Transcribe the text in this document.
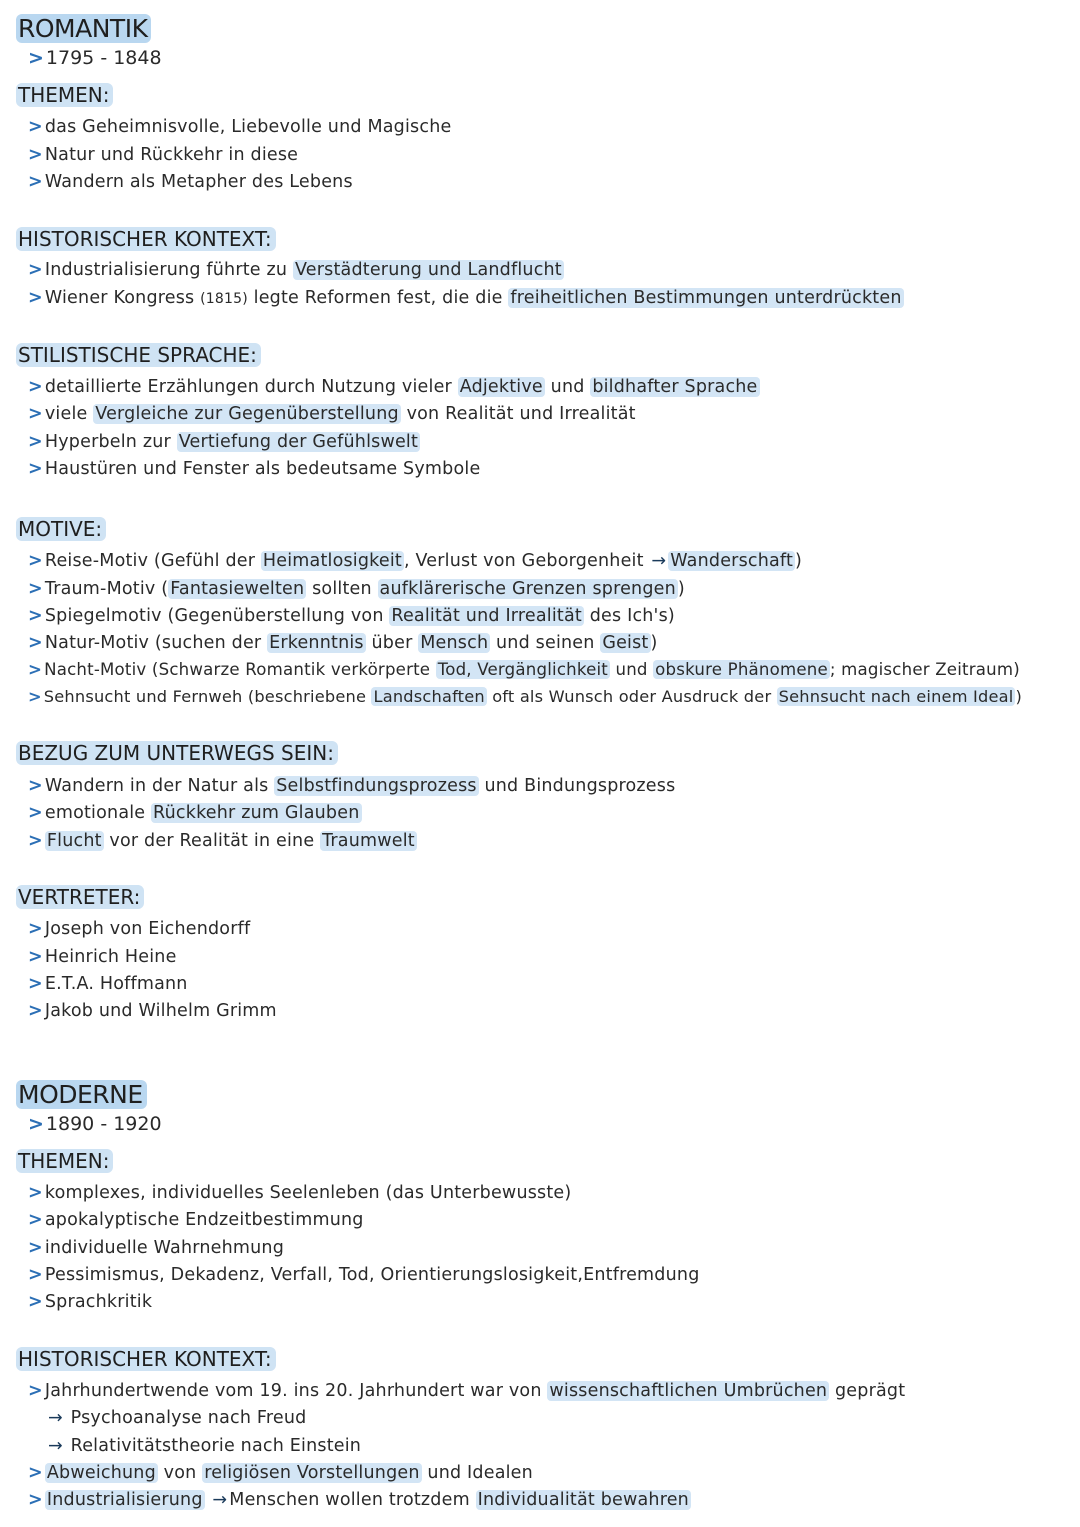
ROMANTIK
> 1795 - 1848
THEMEN:
> das Geheimnisvolle, Liebevolle und Magische
> Natur und Rückkehr in diese
> Wandern als Metapher des Lebens
HISTORISCHER KONTEXT:
> Industrialisierung führte zu Verstädterung und Landflucht
> Wiener Kongress (1815) legte Reformen fest, die die freiheitlichen Bestimmungen unterdrückten
STILISTISCHE SPRACHE:
> detaillierte Erzählungen durch Nutzung vieler Adjektive und bildhafter Sprache
> viele Vergleiche zur Gegenüberstellung von Realität und Irrealität
> Hyperbeln zur Vertiefung der Gefühlswelt
> Haustüren und Fenster als bedeutsame Symbole
MOTIVE:
> Reise-Motiv (Gefühl der Heimatlosigkeit , Verlust von Geborgenheit → Wanderschaft )
> Traum-Motiv ( Fantasiewelten sollten aufklärerische Grenzen sprengen )
> Spiegelmotiv (Gegenüberstellung von Realität und Irrealität des Ich's)
> Natur-Motiv (suchen der Erkenntnis über Mensch und seinen Geist )
> Nacht-Motiv (Schwarze Romantik verkörperte Tod, Vergänglichkeit und obskure Phänomene ; magischer Zeitraum)
> Sehnsucht und Fernweh (beschriebene Landschaften oft als Wunsch oder Ausdruck der Sehnsucht nach einem Ideal )
BEZUG ZUM UNTERWEGS SEIN:
> Wandern in der Natur als Selbstfindungsprozess und Bindungsprozess
> emotionale Rückkehr zum Glauben
> Flucht vor der Realität in eine Traumwelt
VERTRETER:
> Joseph von Eichendorff
> Heinrich Heine
> E.T.A. Hoffmann
> Jakob und Wilhelm Grimm
MODERNE
> 1890 - 1920
THEMEN:
> komplexes, individuelles Seelenleben (das Unterbewusste)
> apokalyptische Endzeitbestimmung
> individuelle Wahrnehmung
> Pessimismus, Dekadenz, Verfall, Tod, Orientierungslosigkeit,Entfremdung
> Sprachkritik
HISTORISCHER KONTEXT:
> Jahrhundertwende vom 19. ins 20. Jahrhundert war von wissenschaftlichen Umbrüchen geprägt
→ Psychoanalyse nach Freud
→ Relativitätstheorie nach Einstein
> Abweichung von religiösen Vorstellungen und Idealen
> Industrialisierung → Menschen wollen trotzdem Individualität bewahren
